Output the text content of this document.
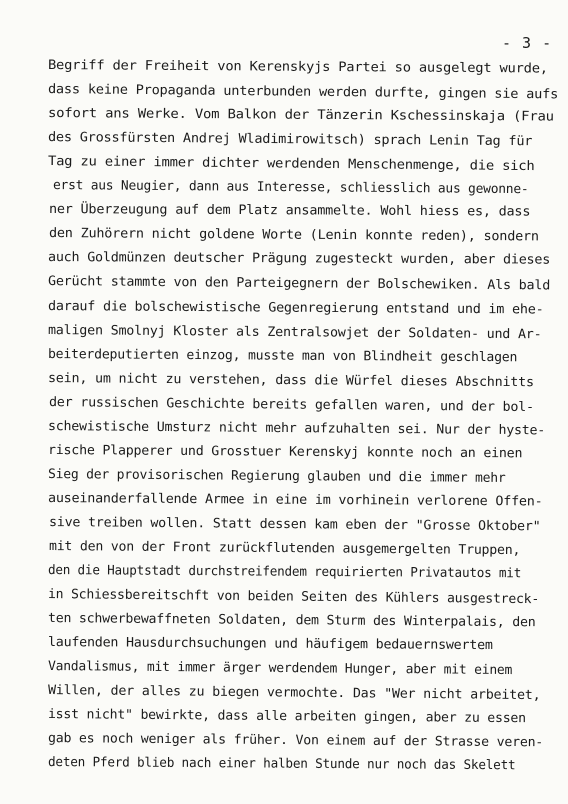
- 3 -
Begriff der Freiheit von Kerenskyjs Partei so ausgelegt wurde,
dass keine Propaganda unterbunden werden durfte, gingen sie aufs
sofort ans Werke. Vom Balkon der Tänzerin Kschessinskaja (Frau
des Grossfürsten Andrej Wladimirowitsch) sprach Lenin Tag für
Tag zu einer immer dichter werdenden Menschenmenge, die sich
erst aus Neugier, dann aus Interesse, schliesslich aus gewonne-
ner Überzeugung auf dem Platz ansammelte. Wohl hiess es, dass
den Zuhörern nicht goldene Worte (Lenin konnte reden), sondern
auch Goldmünzen deutscher Prägung zugesteckt wurden, aber dieses
Gerücht stammte von den Parteigegnern der Bolschewiken. Als bald
darauf die bolschewistische Gegenregierung entstand und im ehe-
maligen Smolnyj Kloster als Zentralsowjet der Soldaten- und Ar-
beiterdeputierten einzog, musste man von Blindheit geschlagen
sein, um nicht zu verstehen, dass die Würfel dieses Abschnitts
der russischen Geschichte bereits gefallen waren, und der bol-
schewistische Umsturz nicht mehr aufzuhalten sei. Nur der hyste-
rische Plapperer und Grosstuer Kerenskyj konnte noch an einen
Sieg der provisorischen Regierung glauben und die immer mehr
auseinanderfallende Armee in eine im vorhinein verlorene Offen-
sive treiben wollen. Statt dessen kam eben der "Grosse Oktober"
mit den von der Front zurückflutenden ausgemergelten Truppen,
den die Hauptstadt durchstreifendem requirierten Privatautos mit
in Schiessbereitschft von beiden Seiten des Kühlers ausgestreck-
ten schwerbewaffneten Soldaten, dem Sturm des Winterpalais, den
laufenden Hausdurchsuchungen und häufigem bedauernswertem
Vandalismus, mit immer ärger werdendem Hunger, aber mit einem
Willen, der alles zu biegen vermochte. Das "Wer nicht arbeitet,
isst nicht" bewirkte, dass alle arbeiten gingen, aber zu essen
gab es noch weniger als früher. Von einem auf der Strasse veren-
deten Pferd blieb nach einer halben Stunde nur noch das Skelett
